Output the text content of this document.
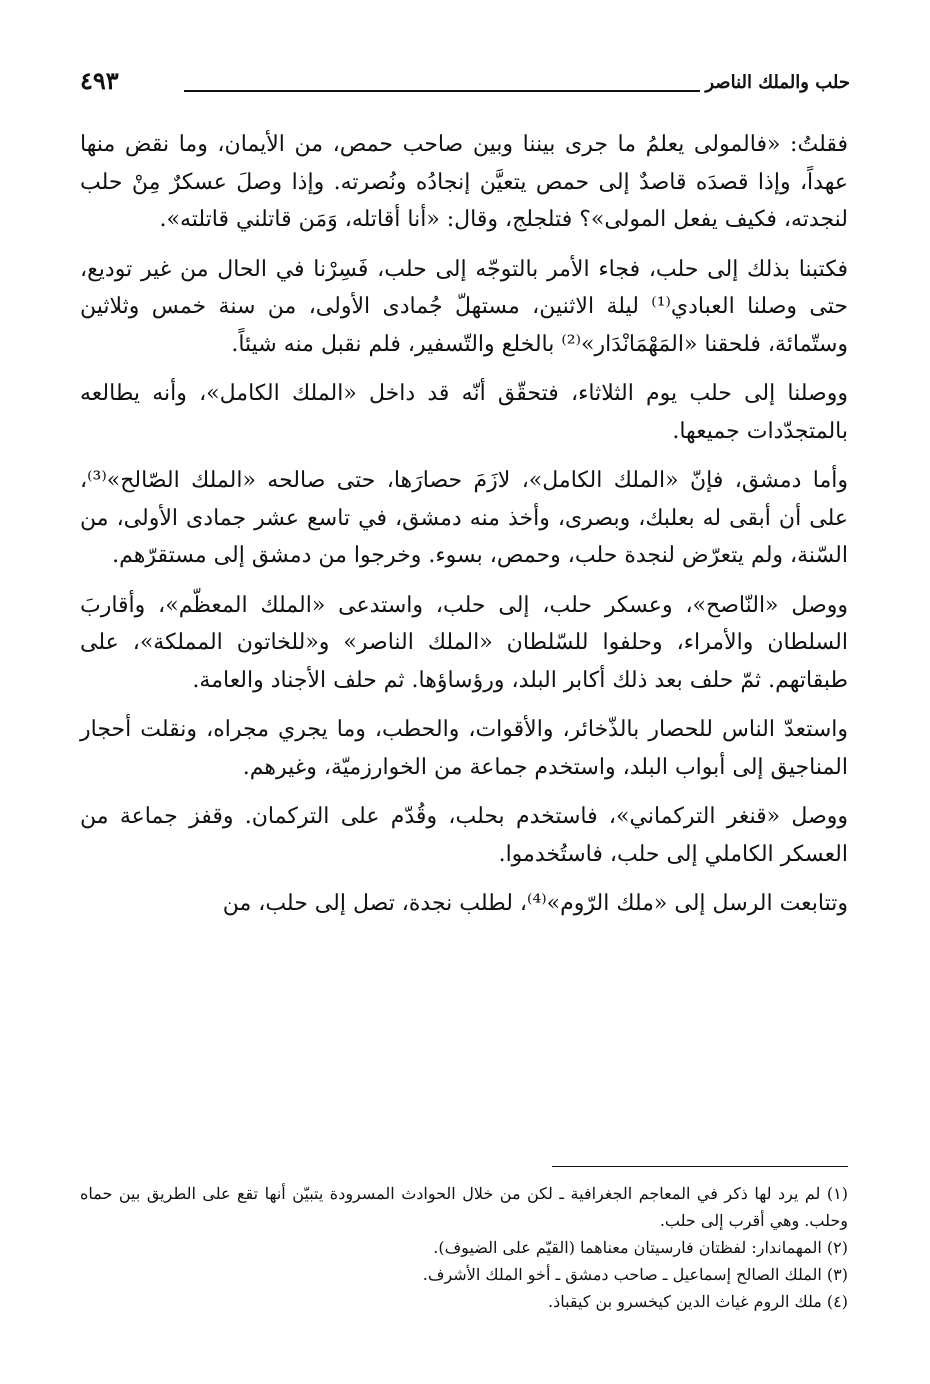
حلب والملك الناصر
٤٩٣

فقلتُ: «فالمولى يعلمُ ما جرى بيننا وبين صاحب حمص، من الأيمان، وما نقض منها عهداً، وإذا قصدَه قاصدٌ إلى حمص يتعيَّن إنجادُه ونُصرته. وإذا وصلَ عسكرٌ مِنْ حلب لنجدته، فكيف يفعل المولى»؟ فتلجلج، وقال: «أنا أقاتله، وَمَن قاتلني قاتلته».

فكتبنا بذلك إلى حلب، فجاء الأمر بالتوجّه إلى حلب، فَسِرْنا في الحال من غير توديع، حتى وصلنا العبادي⁽¹⁾ ليلة الاثنين، مستهلّ جُمادى الأولى، من سنة خمس وثلاثين وستّمائة، فلحقنا «المَهْمَانْدَار»⁽²⁾ بالخلع والتّسفير، فلم نقبل منه شيئاً.

ووصلنا إلى حلب يوم الثلاثاء، فتحقّق أنّه قد داخل «الملك الكامل»، وأنه يطالعه بالمتجدّدات جميعها.

وأما دمشق، فإنّ «الملك الكامل»، لازَمَ حصارَها، حتى صالحه «الملك الصّالح»⁽³⁾، على أن أبقى له بعلبك، وبصرى، وأخذ منه دمشق، في تاسع عشر جمادى الأولى، من السّنة، ولم يتعرّض لنجدة حلب، وحمص، بسوء. وخرجوا من دمشق إلى مستقرّهم.

ووصل «النّاصح»، وعسكر حلب، إلى حلب، واستدعى «الملك المعظّم»، وأقاربَ السلطان والأمراء، وحلفوا للسّلطان «الملك الناصر» و«للخاتون المملكة»، على طبقاتهم. ثمّ حلف بعد ذلك أكابر البلد، ورؤساؤها. ثم حلف الأجناد والعامة.

واستعدّ الناس للحصار بالذّخائر، والأقوات، والحطب، وما يجري مجراه، ونقلت أحجار المناجيق إلى أبواب البلد، واستخدم جماعة من الخوارزميّة، وغيرهم.

ووصل «قنغر التركماني»، فاستخدم بحلب، وقُدّم على التركمان. وقفز جماعة من العسكر الكاملي إلى حلب، فاستُخدموا.

وتتابعت الرسل إلى «ملك الرّوم»⁽⁴⁾، لطلب نجدة، تصل إلى حلب، من

(١) لم يرد لها ذكر في المعاجم الجغرافية ـ لكن من خلال الحوادث المسرودة يتبيّن أنها تقع على الطريق بين حماه وحلب. وهي أقرب إلى حلب.

(٢) المهماندار: لفظتان فارسيتان معناهما (القيّم على الضيوف).

(٣) الملك الصالح إسماعيل ـ صاحب دمشق ـ أخو الملك الأشرف.

(٤) ملك الروم غياث الدين كيخسرو بن كيقباذ.
